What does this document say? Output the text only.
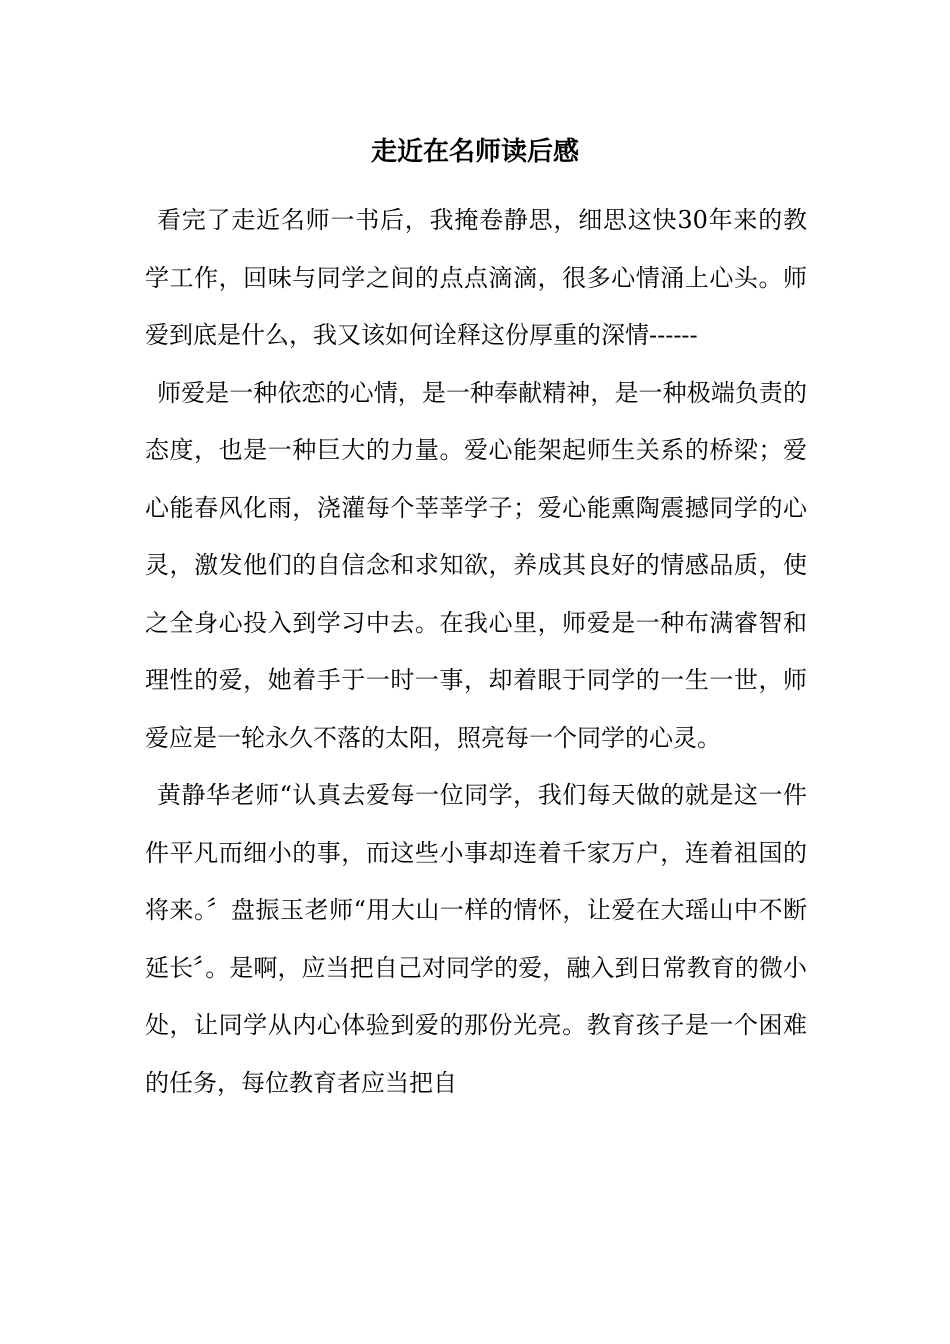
走近在名师读后感

看完了走近名师一书后，我掩卷静思，细思这快30年来的教学工作，回味与同学之间的点点滴滴，很多心情涌上心头。师爱到底是什么，我又该如何诠释这份厚重的深情------

师爱是一种依恋的心情，是一种奉献精神，是一种极端负责的态度，也是一种巨大的力量。爱心能架起师生关系的桥梁；爱心能春风化雨，浇灌每个莘莘学子；爱心能熏陶震撼同学的心灵，激发他们的自信念和求知欲，养成其良好的情感品质，使之全身心投入到学习中去。在我心里，师爱是一种布满睿智和理性的爱，她着手于一时一事，却着眼于同学的一生一世，师爱应是一轮永久不落的太阳，照亮每一个同学的心灵。

黄静华老师“认真去爱每一位同学，我们每天做的就是这一件件平凡而细小的事，而这些小事却连着千家万户，连着祖国的将来。〞盘振玉老师“用大山一样的情怀，让爱在大瑶山中不断延长〞。是啊，应当把自己对同学的爱，融入到日常教育的微小处，让同学从内心体验到爱的那份光亮。教育孩子是一个困难的任务，每位教育者应当把自
